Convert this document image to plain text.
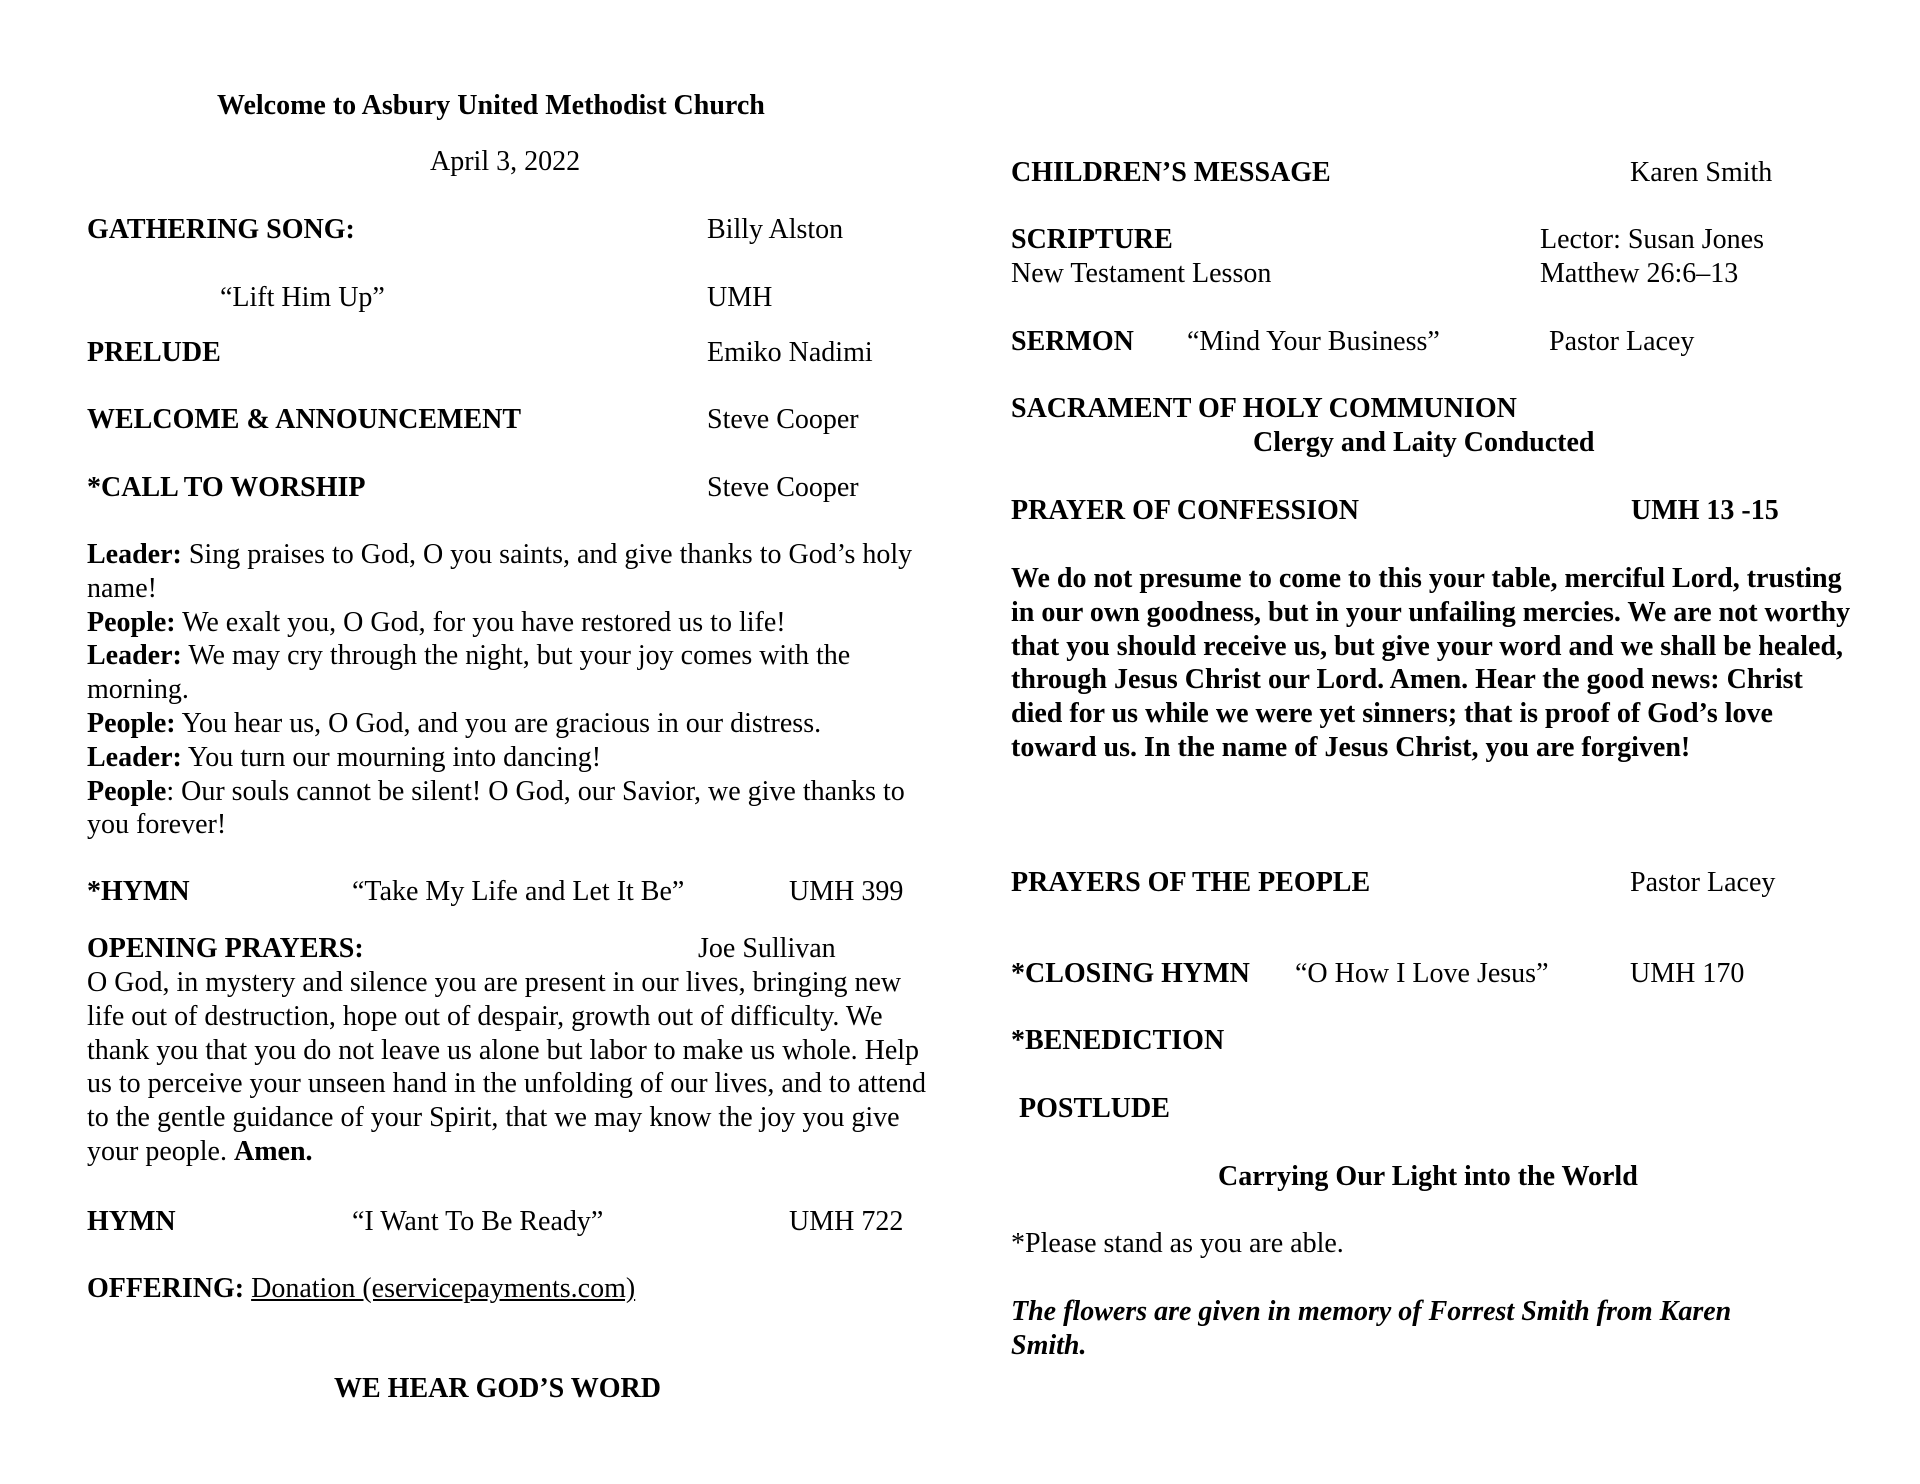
Welcome to Asbury United Methodist Church
April 3, 2022
GATHERING SONG:	Billy Alston
“Lift Him Up”	UMH
PRELUDE	Emiko Nadimi
WELCOME & ANNOUNCEMENT	Steve Cooper
*CALL TO WORSHIP	Steve Cooper

Leader: Sing praises to God, O you saints, and give thanks to God’s holy name!

People: We exalt you, O God, for you have restored us to life!

Leader: We may cry through the night, but your joy comes with the morning.

People: You hear us, O God, and you are gracious in our distress.

Leader: You turn our mourning into dancing!

People: Our souls cannot be silent! O God, our Savior, we give thanks to you forever!

*HYMN	“Take My Life and Let It Be”	UMH 399
OPENING PRAYERS:	Joe Sullivan
O God, in mystery and silence you are present in our lives, bringing new life out of destruction, hope out of despair, growth out of difficulty. We thank you that you do not leave us alone but labor to make us whole. Help us to perceive your unseen hand in the unfolding of our lives, and to attend to the gentle guidance of your Spirit, that we may know the joy you give your people. Amen.
HYMN	“I Want To Be Ready”	UMH 722
OFFERING: Donation (eservicepayments.com)
WE HEAR GOD’S WORD
CHILDREN’S MESSAGE	Karen Smith
SCRIPTURE	Lector: Susan Jones
New Testament Lesson	Matthew 26:6–13
SERMON “Mind Your Business”	Pastor Lacey
SACRAMENT OF HOLY COMMUNION
Clergy and Laity Conducted
PRAYER OF CONFESSION	UMH 13 -15
We do not presume to come to this your table, merciful Lord, trusting in our own goodness, but in your unfailing mercies. We are not worthy that you should receive us, but give your word and we shall be healed, through Jesus Christ our Lord. Amen. Hear the good news: Christ died for us while we were yet sinners; that is proof of God’s love toward us. In the name of Jesus Christ, you are forgiven!
PRAYERS OF THE PEOPLE	Pastor Lacey
*CLOSING HYMN “O How I Love Jesus”	UMH 170
*BENEDICTION
POSTLUDE
Carrying Our Light into the World
*Please stand as you are able.
The flowers are given in memory of Forrest Smith from Karen Smith.
